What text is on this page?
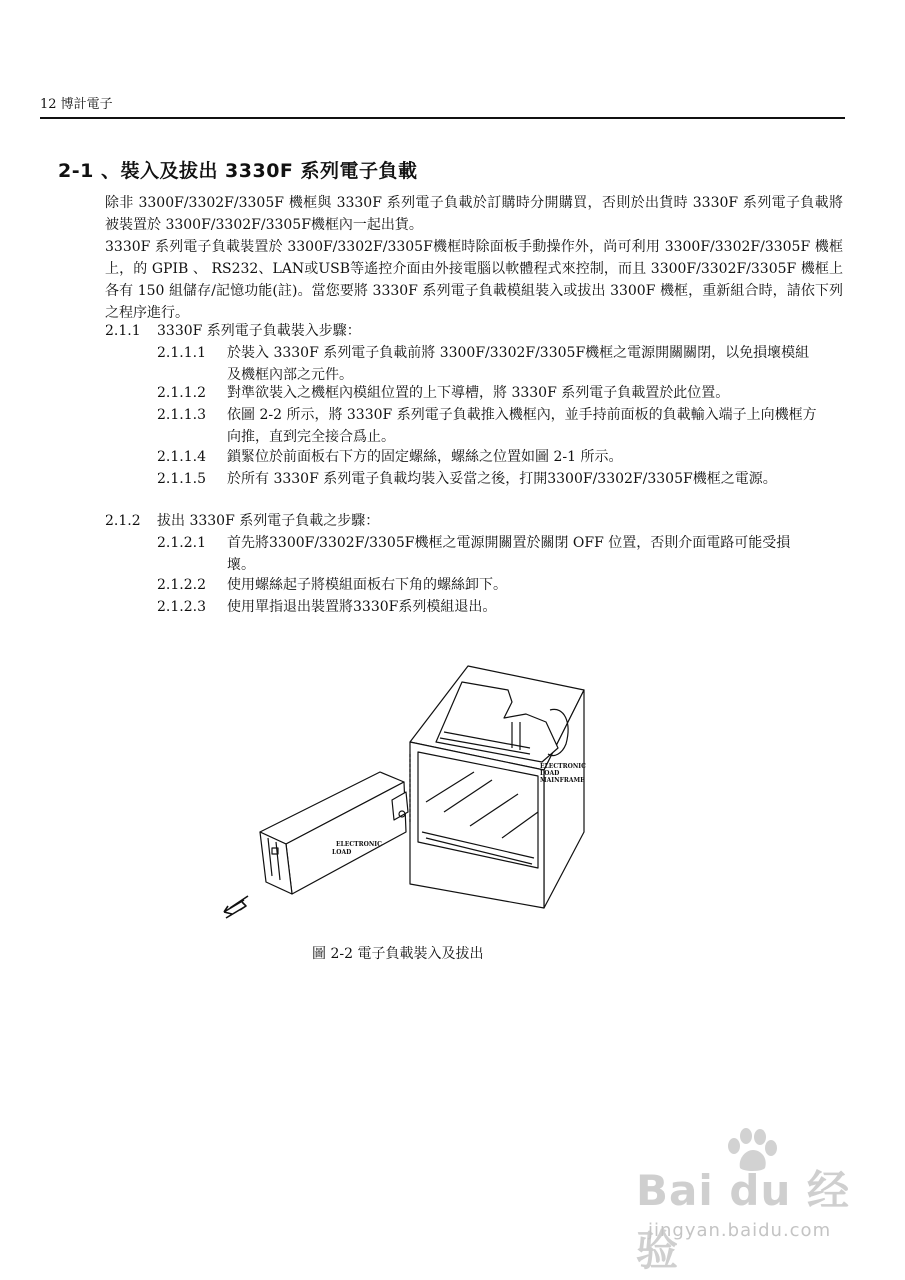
12 博計電子
2-1 、裝入及拔出 3330F 系列電子負載
除非 3300F/3302F/3305F 機框與 3330F 系列電子負載於訂購時分開購買，否則於出貨時 3330F 系列電子負載將被裝置於 3300F/3302F/3305F機框內一起出貨。
3330F 系列電子負載裝置於 3300F/3302F/3305F機框時除面板手動操作外，尚可利用 3300F/3302F/3305F 機框上，的 GPIB 、 RS232、LAN或USB等遙控介面由外接電腦以軟體程式來控制，而且 3300F/3302F/3305F 機框上各有 150 組儲存/記憶功能(註)。當您要將 3330F 系列電子負載模組裝入或拔出 3300F 機框，重新組合時，請依下列之程序進行。
2.1.1 3330F 系列電子負載裝入步驟：
2.1.1.1 於裝入 3330F 系列電子負載前將 3300F/3302F/3305F機框之電源開關關閉，以免損壞模組及機框內部之元件。
2.1.1.2 對準欲裝入之機框內模組位置的上下導槽，將 3330F 系列電子負載置於此位置。
2.1.1.3 依圖 2-2 所示，將 3330F 系列電子負載推入機框內，並手持前面板的負載輸入端子上向機框方向推，直到完全接合爲止。
2.1.1.4 鎖緊位於前面板右下方的固定螺絲，螺絲之位置如圖 2-1 所示。
2.1.1.5 於所有 3330F 系列電子負載均裝入妥當之後，打開3300F/3302F/3305F機框之電源。
2.1.2 拔出 3330F 系列電子負載之步驟：
2.1.2.1 首先將3300F/3302F/3305F機框之電源開關置於關閉 OFF 位置，否則介面電路可能受損壞。
2.1.2.2 使用螺絲起子將模組面板右下角的螺絲卸下。
2.1.2.3 使用單指退出裝置將3330F系列模組退出。
ELECTRONIC
LOAD
MAINFRAME
ELECTRONIC
LOAD
圖 2-2 電子負載裝入及拔出
Bai du 经验
jingyan.baidu.com
